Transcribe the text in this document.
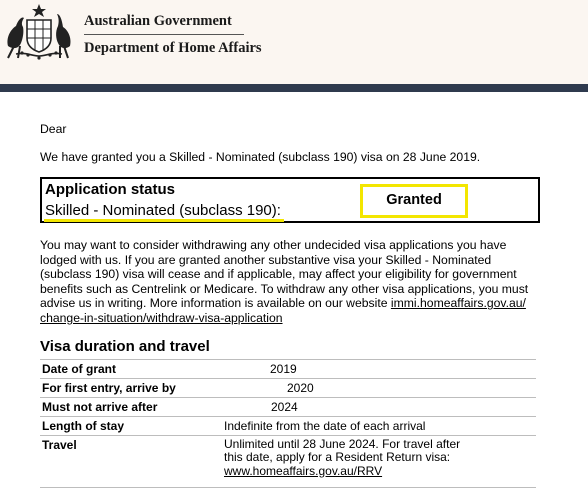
Australian Government
Department of Home Affairs
Dear
We have granted you a Skilled - Nominated (subclass 190) visa on 28 June 2019.
Application status
Skilled - Nominated (subclass 190):
Granted
You may want to consider withdrawing any other undecided visa applications you have
lodged with us. If you are granted another substantive visa your Skilled - Nominated
(subclass 190) visa will cease and if applicable, may affect your eligibility for government
benefits such as Centrelink or Medicare. To withdraw any other visa applications, you must
advise us in writing. More information is available on our website immi.homeaffairs.gov.au/
change-in-situation/withdraw-visa-application
Visa duration and travel
Date of grant	2019
For first entry, arrive by	2020
Must not arrive after	2024
Length of stay	Indefinite from the date of each arrival
Travel	Unlimited until 28 June 2024. For travel after
this date, apply for a Resident Return visa:
www.homeaffairs.gov.au/RRV
